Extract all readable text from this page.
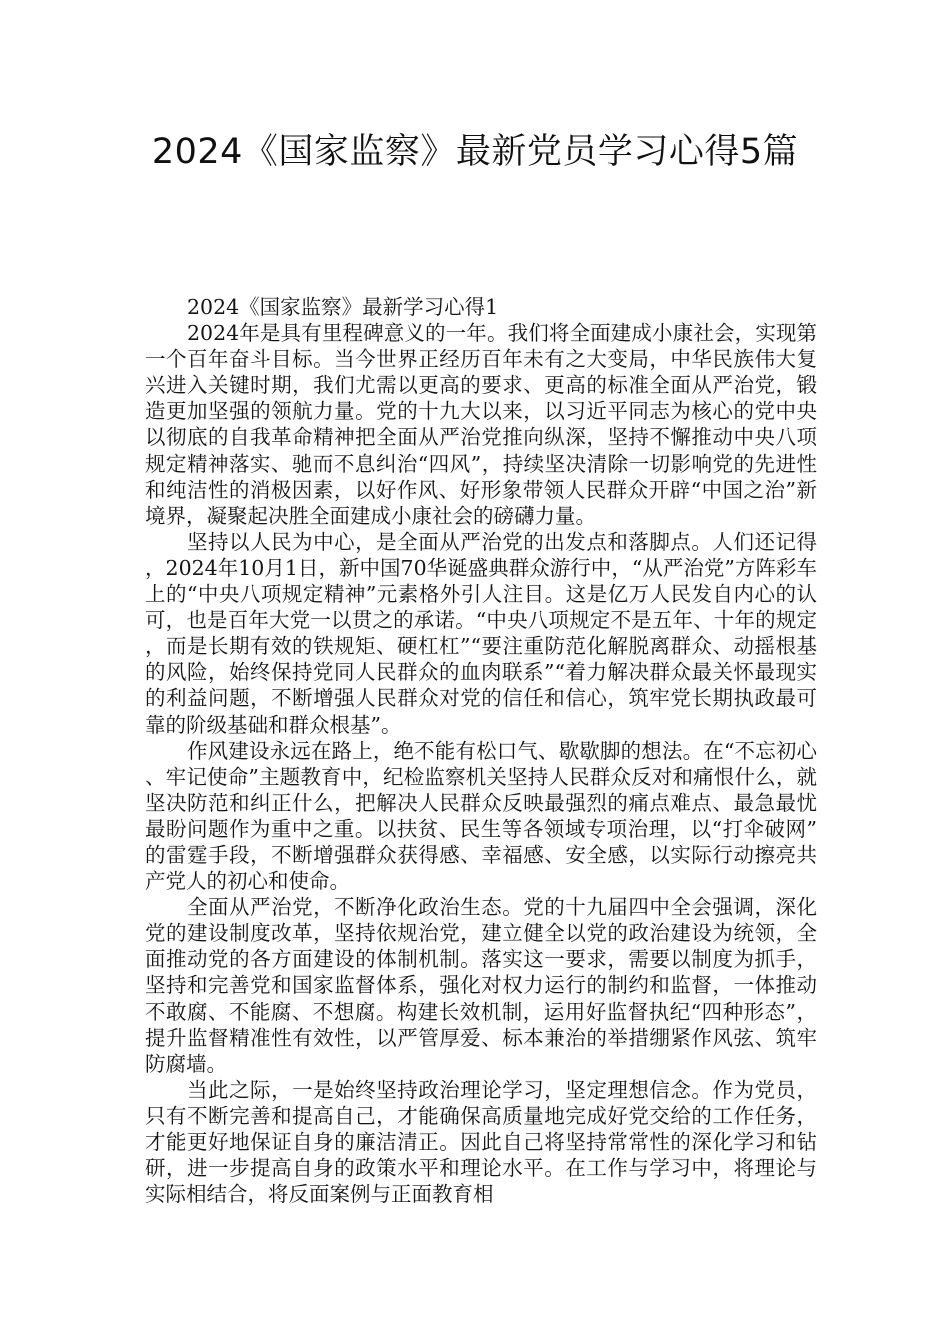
2024《国家监察》最新党员学习心得5篇

2024《国家监察》最新学习心得1

2024年是具有里程碑意义的一年。我们将全面建成小康社会，实现第一个百年奋斗目标。当今世界正经历百年未有之大变局，中华民族伟大复兴进入关键时期，我们尤需以更高的要求、更高的标准全面从严治党，锻造更加坚强的领航力量。党的十九大以来，以习近平同志为核心的党中央以彻底的自我革命精神把全面从严治党推向纵深，坚持不懈推动中央八项规定精神落实、驰而不息纠治“四风”，持续坚决清除一切影响党的先进性和纯洁性的消极因素，以好作风、好形象带领人民群众开辟“中国之治”新境界，凝聚起决胜全面建成小康社会的磅礴力量。

坚持以人民为中心，是全面从严治党的出发点和落脚点。人们还记得，2024年10月1日，新中国70华诞盛典群众游行中，“从严治党”方阵彩车上的“中央八项规定精神”元素格外引人注目。这是亿万人民发自内心的认可，也是百年大党一以贯之的承诺。“中央八项规定不是五年、十年的规定，而是长期有效的铁规矩、硬杠杠”“要注重防范化解脱离群众、动摇根基的风险，始终保持党同人民群众的血肉联系”“着力解决群众最关怀最现实的利益问题，不断增强人民群众对党的信任和信心，筑牢党长期执政最可靠的阶级基础和群众根基”。

作风建设永远在路上，绝不能有松口气、歇歇脚的想法。在“不忘初心、牢记使命”主题教育中，纪检监察机关坚持人民群众反对和痛恨什么，就坚决防范和纠正什么，把解决人民群众反映最强烈的痛点难点、最急最忧最盼问题作为重中之重。以扶贫、民生等各领域专项治理，以“打伞破网”的雷霆手段，不断增强群众获得感、幸福感、安全感，以实际行动擦亮共产党人的初心和使命。

全面从严治党，不断净化政治生态。党的十九届四中全会强调，深化党的建设制度改革，坚持依规治党，建立健全以党的政治建设为统领，全面推动党的各方面建设的体制机制。落实这一要求，需要以制度为抓手，坚持和完善党和国家监督体系，强化对权力运行的制约和监督，一体推动不敢腐、不能腐、不想腐。构建长效机制，运用好监督执纪“四种形态”，提升监督精准性有效性，以严管厚爱、标本兼治的举措绷紧作风弦、筑牢防腐墙。

当此之际，一是始终坚持政治理论学习，坚定理想信念。作为党员，只有不断完善和提高自己，才能确保高质量地完成好党交给的工作任务，才能更好地保证自身的廉洁清正。因此自己将坚持常常性的深化学习和钻研，进一步提高自身的政策水平和理论水平。在工作与学习中，将理论与实际相结合，将反面案例与正面教育相
